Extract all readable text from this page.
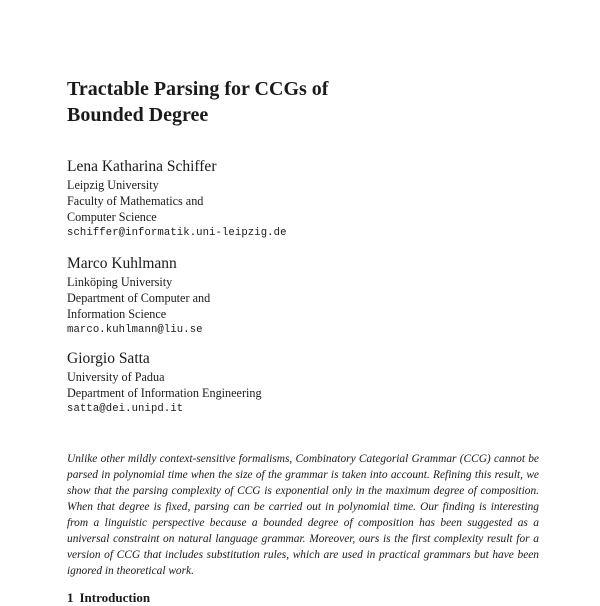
Tractable Parsing for CCGs of
Bounded Degree
Lena Katharina Schiffer
Leipzig University
Faculty of Mathematics and
Computer Science
schiffer@informatik.uni-leipzig.de
Marco Kuhlmann
Linköping University
Department of Computer and
Information Science
marco.kuhlmann@liu.se
Giorgio Satta
University of Padua
Department of Information Engineering
satta@dei.unipd.it

Unlike other mildly context-sensitive formalisms, Combinatory Categorial Grammar (CCG) cannot be parsed in polynomial time when the size of the grammar is taken into account. Refining this result, we show that the parsing complexity of CCG is exponential only in the maximum degree of composition. When that degree is fixed, parsing can be carried out in polynomial time. Our finding is interesting from a linguistic perspective because a bounded degree of composition has been suggested as a universal constraint on natural language grammar. Moreover, ours is the first complexity result for a version of CCG that includes substitution rules, which are used in practical grammars but have been ignored in theoretical work.

1 Introduction
